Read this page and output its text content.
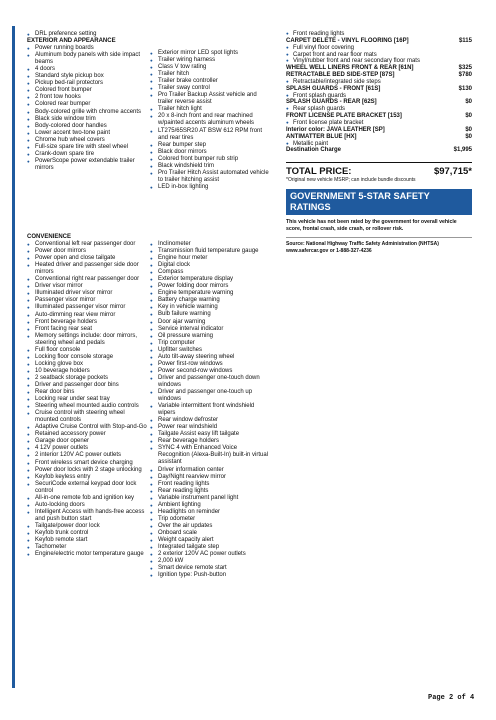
● DRL preference setting
EXTERIOR AND APPEARANCE
● Power running boards
● Aluminum body panels with side impact beams
● 4 doors
● Standard style pickup box
● Pickup bed-rail protectors
● Colored front bumper
● 2 front tow hooks
● Colored rear bumper
● Body-colored grille with chrome accents
● Black side window trim
● Body-colored door handles
● Lower accent two-tone paint
● Chrome hub wheel covers
● Full-size spare tire with steel wheel
● Crank-down spare tire
● PowerScope power extendable trailer mirrors
● Exterior mirror LED spot lights
● Trailer wiring harness
● Class V tow rating
● Trailer hitch
● Trailer brake controller
● Trailer sway control
● Pro Trailer Backup Assist vehicle and trailer reverse assist
● Trailer hitch light
● 20 x 8-inch front and rear machined w/painted accents aluminum wheels
● LT275/65SR20 AT BSW 612 RPM front and rear tires
● Rear bumper step
● Black door mirrors
● Colored front bumper rub strip
● Black windshield trim
● Pro Trailer Hitch Assist automated vehicle to trailer hitching assist
● LED in-box lighting
CONVENIENCE
● Conventional left rear passenger door
● Power door mirrors
● Power open and close tailgate
● Heated driver and passenger side door mirrors
● Conventional right rear passenger door
● Driver visor mirror
● Illuminated driver visor mirror
● Passenger visor mirror
● Illuminated passenger visor mirror
● Auto-dimming rear view mirror
● Front beverage holders
● Front facing rear seat
● Memory settings include: door mirrors, steering wheel and pedals
● Full floor console
● Locking floor console storage
● Locking glove box
● 10 beverage holders
● 2 seatback storage pockets
● Driver and passenger door bins
● Rear door bins
● Locking rear under seat tray
● Steering wheel mounted audio controls
● Cruise control with steering wheel mounted controls
● Adaptive Cruise Control with Stop-and-Go
● Retained accessory power
● Garage door opener
● 4 12V power outlets
● 2 interior 120V AC power outlets
● Front wireless smart device charging
● Power door locks with 2 stage unlocking
● Keyfob keyless entry
● SecuriCode external keypad door lock control
● All-in-one remote fob and ignition key
● Auto-locking doors
● Intelligent Access with hands-free access and push button start
● Tailgate/power door lock
● Keyfob trunk control
● Keyfob remote start
● Tachometer
● Engine/electric motor temperature gauge
● Inclinometer
● Transmission fluid temperature gauge
● Engine hour meter
● Digital clock
● Compass
● Exterior temperature display
● Power folding door mirrors
● Engine temperature warning
● Battery charge warning
● Key in vehicle warning
● Bulb failure warning
● Door ajar warning
● Service interval indicator
● Oil pressure warning
● Trip computer
● Upfitter switches
● Auto tilt-away steering wheel
● Power first-row windows
● Power second-row windows
● Driver and passenger one-touch down windows
● Driver and passenger one-touch up windows
● Variable intermittent front windshield wipers
● Rear window defroster
● Power rear windshield
● Tailgate Assist easy lift tailgate
● Rear beverage holders
● SYNC 4 with Enhanced Voice Recognition (Alexa-Built-In) built-in virtual assistant
● Driver information center
● Day/Night rearview mirror
● Front reading lights
● Rear reading lights
● Variable instrument panel light
● Ambient lighting
● Headlights on reminder
● Trip odometer
● Over the air updates
● Onboard scale
● Weight capacity alert
● Integrated tailgate step
● 2 exterior 120V AC power outlets
● 2,000 kW
● Smart device remote start
● Ignition type: Push-button
● Front reading lights
CARPET DELETE - VINYL FLOORING [16P]	$115
● Full vinyl floor covering
● Carpet front and rear floor mats
● Vinyl/rubber front and rear secondary floor mats
WHEEL WELL LINERS FRONT & REAR [61N]	$325
RETRACTABLE BED SIDE-STEP [87S]	$780
● Retractable/integrated side steps
SPLASH GUARDS - FRONT [61S]	$130
● Front splash guards
SPLASH GUARDS - REAR [62S]	$0
● Rear splash guards
FRONT LICENSE PLATE BRACKET [153]	$0
● Front license plate bracket
Interior color: JAVA LEATHER [SP]	$0
ANTIMATTER BLUE [HX]	$0
● Metallic paint
Destination Charge	$1,995
TOTAL PRICE:	$97,715*
*Original new vehicle MSRP; can include bundle discounts
GOVERNMENT 5-STAR SAFETY RATINGS
This vehicle has not been rated by the government for overall vehicle score, frontal crash, side crash, or rollover risk.
Source: National Highway Traffic Safety Administration (NHTSA) www.safercar.gov or 1-888-327-4236
Page 2 of 4
